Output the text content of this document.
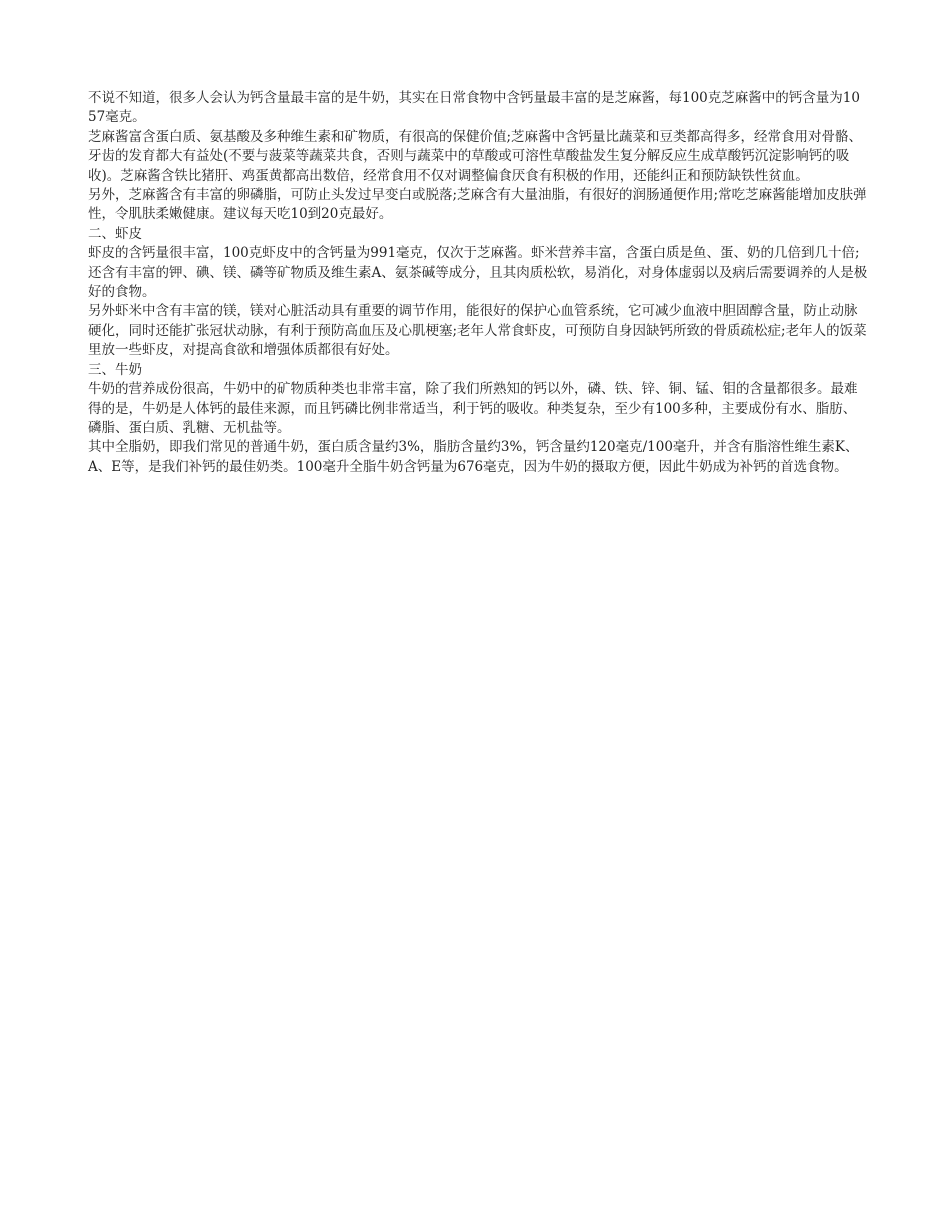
不说不知道，很多人会认为钙含量最丰富的是牛奶，其实在日常食物中含钙量最丰富的是芝麻酱，每100克芝麻酱中的钙含量为1057毫克。

芝麻酱富含蛋白质、氨基酸及多种维生素和矿物质，有很高的保健价值;芝麻酱中含钙量比蔬菜和豆类都高得多，经常食用对骨骼、牙齿的发育都大有益处(不要与菠菜等蔬菜共食，否则与蔬菜中的草酸或可溶性草酸盐发生复分解反应生成草酸钙沉淀影响钙的吸收)。芝麻酱含铁比猪肝、鸡蛋黄都高出数倍，经常食用不仅对调整偏食厌食有积极的作用，还能纠正和预防缺铁性贫血。

另外，芝麻酱含有丰富的卵磷脂，可防止头发过早变白或脱落;芝麻含有大量油脂，有很好的润肠通便作用;常吃芝麻酱能增加皮肤弹性，令肌肤柔嫩健康。建议每天吃10到20克最好。

二、虾皮

虾皮的含钙量很丰富，100克虾皮中的含钙量为991毫克，仅次于芝麻酱。虾米营养丰富，含蛋白质是鱼、蛋、奶的几倍到几十倍;还含有丰富的钾、碘、镁、磷等矿物质及维生素A、氨茶碱等成分，且其肉质松软，易消化，对身体虚弱以及病后需要调养的人是极好的食物。

另外虾米中含有丰富的镁，镁对心脏活动具有重要的调节作用，能很好的保护心血管系统，它可减少血液中胆固醇含量，防止动脉硬化，同时还能扩张冠状动脉，有利于预防高血压及心肌梗塞;老年人常食虾皮，可预防自身因缺钙所致的骨质疏松症;老年人的饭菜里放一些虾皮，对提高食欲和增强体质都很有好处。

三、牛奶

牛奶的营养成份很高，牛奶中的矿物质种类也非常丰富，除了我们所熟知的钙以外，磷、铁、锌、铜、锰、钼的含量都很多。最难得的是，牛奶是人体钙的最佳来源，而且钙磷比例非常适当，利于钙的吸收。种类复杂，至少有100多种，主要成份有水、脂肪、磷脂、蛋白质、乳糖、无机盐等。

其中全脂奶，即我们常见的普通牛奶，蛋白质含量约3%，脂肪含量约3%，钙含量约120毫克/100毫升，并含有脂溶性维生素K、A、E等，是我们补钙的最佳奶类。100毫升全脂牛奶含钙量为676毫克，因为牛奶的摄取方便，因此牛奶成为补钙的首选食物。
